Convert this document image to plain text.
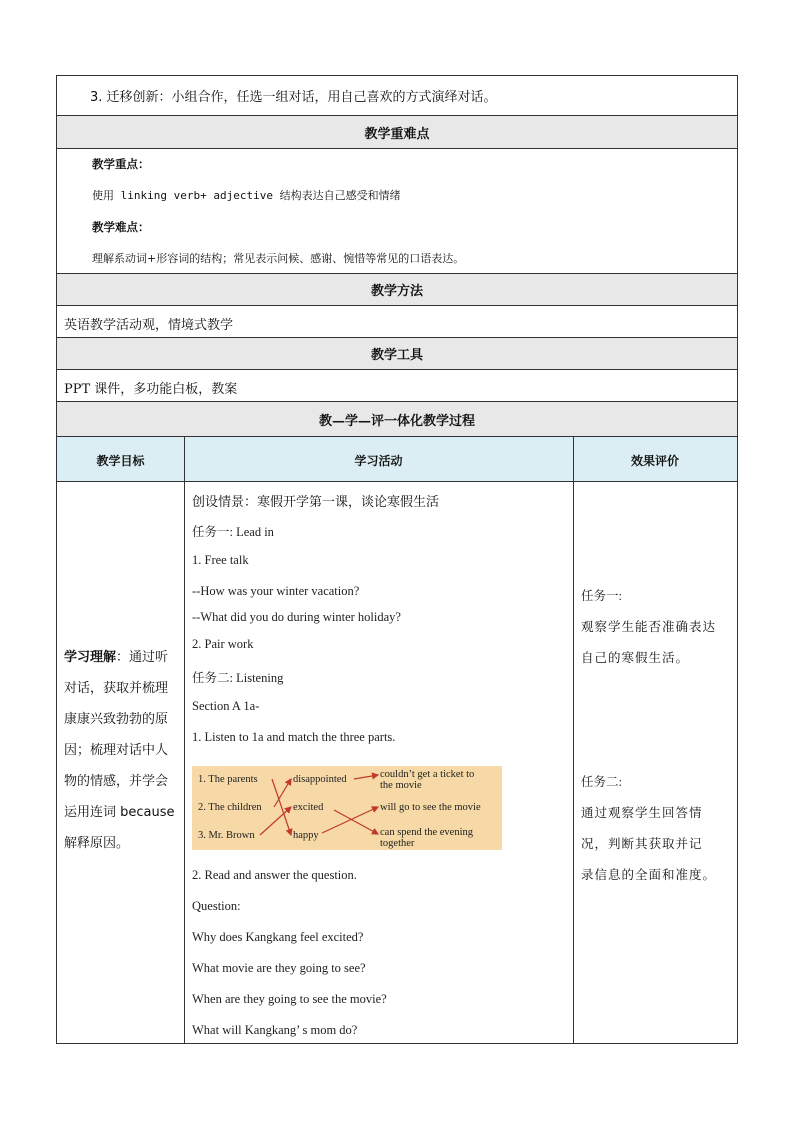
3. 迁移创新：小组合作，任选一组对话，用自己喜欢的方式演绎对话。
教学重难点
教学重点：
使用 linking verb+ adjective 结构表达自己感受和情绪
教学难点：
理解系动词+形容词的结构；常见表示问候、感谢、惋惜等常见的口语表达。
教学方法
英语教学活动观，情境式教学
教学工具
PPT 课件，多功能白板，教案
教—学—评一体化教学过程
教学目标	学习活动	效果评价
学习理解：通过听
对话，获取并梳理
康康兴致勃勃的原
因；梳理对话中人
物的情感，并学会
运用连词 because
解释原因。
创设情景：寒假开学第一课，谈论寒假生活
任务一: Lead in
1. Free talk
--How was your winter vacation?
--What did you do during winter holiday?
2. Pair work
任务二: Listening
Section A 1a-
1. Listen to 1a and match the three parts.
1. The parents
2. The children
3. Mr. Brown
disappointed
excited
happy
couldn’t get a ticket to
the movie
will go to see the movie
can spend the evening
together
2. Read and answer the question.
Question:
Why does Kangkang feel excited?
What movie are they going to see?
When are they going to see the movie?
What will Kangkang’ s mom do?
任务一:
观察学生能否准确表达
自己的寒假生活。
任务二:
通过观察学生回答情
况，判断其获取并记
录信息的全面和准度。
